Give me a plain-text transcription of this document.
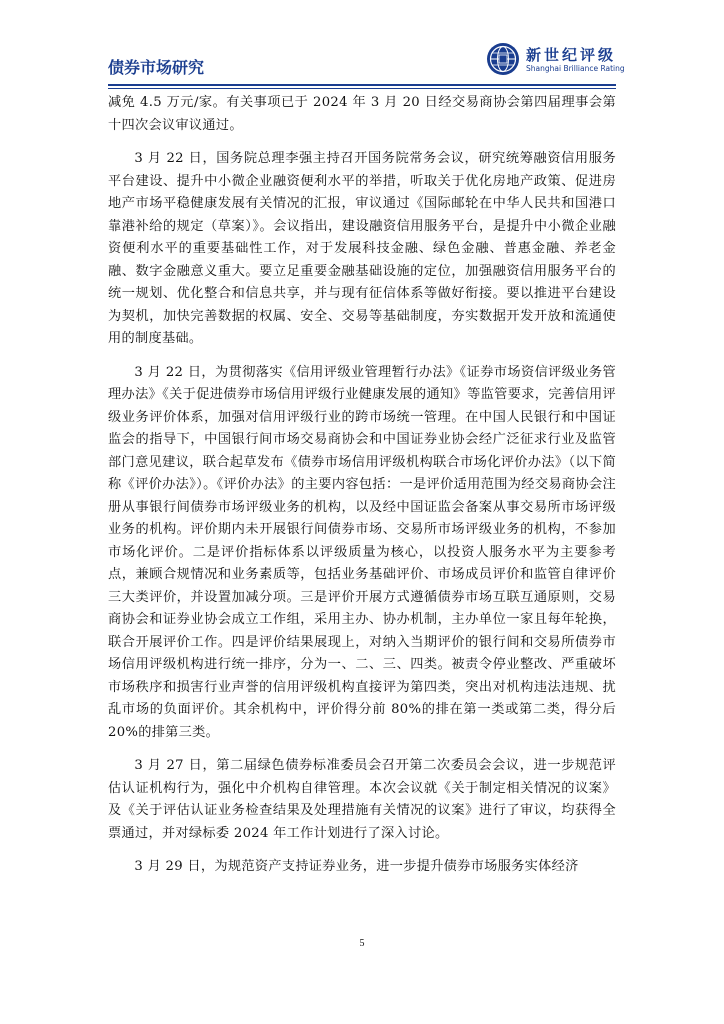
债券市场研究
新世纪评级
Shanghai Brilliance Rating

减免 4.5 万元/家。有关事项已于 2024 年 3 月 20 日经交易商协会第四届理事会第十四次会议审议通过。

3 月 22 日，国务院总理李强主持召开国务院常务会议，研究统筹融资信用服务平台建设、提升中小微企业融资便利水平的举措，听取关于优化房地产政策、促进房地产市场平稳健康发展有关情况的汇报，审议通过《国际邮轮在中华人民共和国港口靠港补给的规定（草案）》。会议指出，建设融资信用服务平台，是提升中小微企业融资便利水平的重要基础性工作，对于发展科技金融、绿色金融、普惠金融、养老金融、数字金融意义重大。要立足重要金融基础设施的定位，加强融资信用服务平台的统一规划、优化整合和信息共享，并与现有征信体系等做好衔接。要以推进平台建设为契机，加快完善数据的权属、安全、交易等基础制度，夯实数据开发开放和流通使用的制度基础。

3 月 22 日，为贯彻落实《信用评级业管理暂行办法》《证券市场资信评级业务管理办法》《关于促进债券市场信用评级行业健康发展的通知》等监管要求，完善信用评级业务评价体系，加强对信用评级行业的跨市场统一管理。在中国人民银行和中国证监会的指导下，中国银行间市场交易商协会和中国证券业协会经广泛征求行业及监管部门意见建议，联合起草发布《债券市场信用评级机构联合市场化评价办法》（以下简称《评价办法》）。《评价办法》的主要内容包括：一是评价适用范围为经交易商协会注册从事银行间债券市场评级业务的机构，以及经中国证监会备案从事交易所市场评级业务的机构。评价期内未开展银行间债券市场、交易所市场评级业务的机构，不参加市场化评价。二是评价指标体系以评级质量为核心，以投资人服务水平为主要参考点，兼顾合规情况和业务素质等，包括业务基础评价、市场成员评价和监管自律评价三大类评价，并设置加减分项。三是评价开展方式遵循债券市场互联互通原则，交易商协会和证券业协会成立工作组，采用主办、协办机制，主办单位一家且每年轮换，联合开展评价工作。四是评价结果展现上，对纳入当期评价的银行间和交易所债券市场信用评级机构进行统一排序，分为一、二、三、四类。被责令停业整改、严重破坏市场秩序和损害行业声誉的信用评级机构直接评为第四类，突出对机构违法违规、扰乱市场的负面评价。其余机构中，评价得分前 80%的排在第一类或第二类，得分后 20%的排第三类。

3 月 27 日，第二届绿色债券标准委员会召开第二次委员会会议，进一步规范评估认证机构行为，强化中介机构自律管理。本次会议就《关于制定相关情况的议案》及《关于评估认证业务检查结果及处理措施有关情况的议案》进行了审议，均获得全票通过，并对绿标委 2024 年工作计划进行了深入讨论。

3 月 29 日，为规范资产支持证券业务，进一步提升债券市场服务实体经济

5
